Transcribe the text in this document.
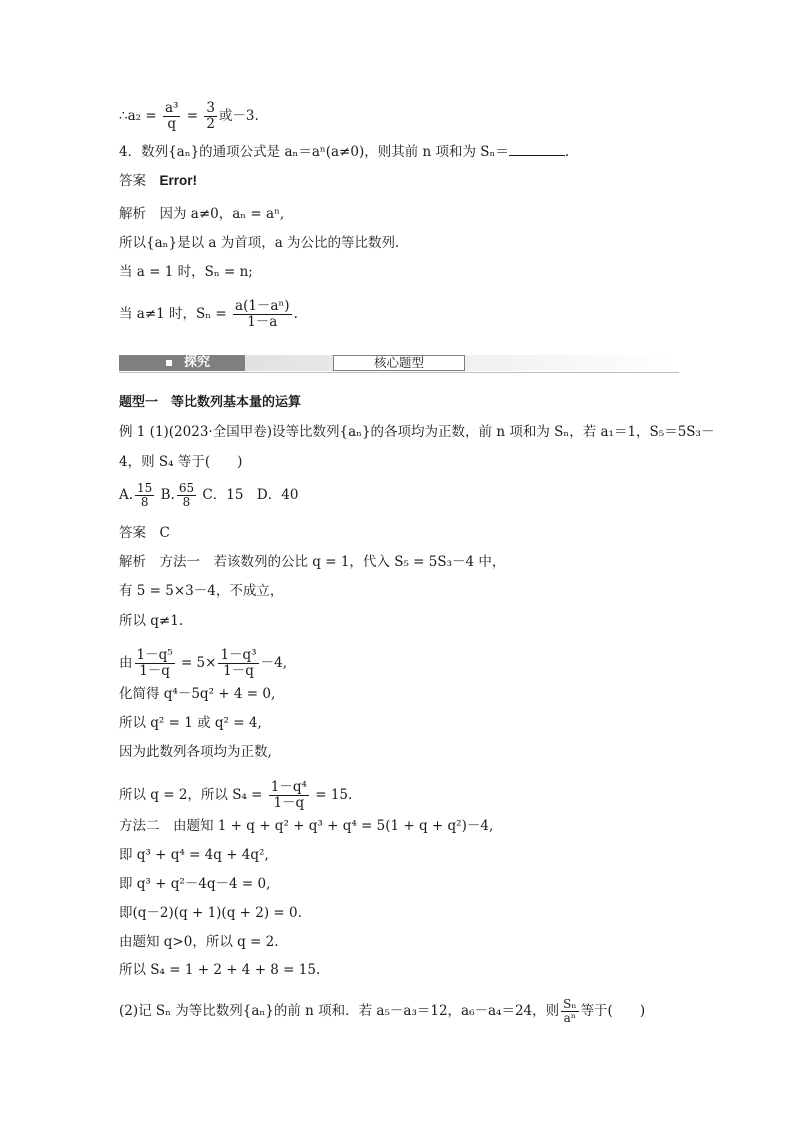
∴a₂ = $\frac{\text{a³}}{q} = \frac{3}{2}$ 或－3.
4．数列{aₙ}的通项公式是 aₙ＝aⁿ(a≠0)，则其前 n 项和为 Sₙ＝	.
答案　 Error!
解析　因为 a≠0，aₙ = aⁿ,
所以{aₙ}是以 a 为首项，a 为公比的等比数列．
当 a = 1 时，Sₙ = n;
当 a≠1 时，$S_n = \frac{\text{a(1－aⁿ)}}{1-a}$ .
探究	核心题型
题型一　等比数列基本量的运算
例 1 (1)(2023·全国甲卷)设等比数列{aₙ}的各项均为正数，前 n 项和为 Sₙ，若 a₁＝1，S₅＝5S₃－
4，则 S₄ 等于(　　)
A. $\frac{15}{8} B$. $\frac{65}{8}$ C．15　D．40
答案　C
解析　方法一　若该数列的公比 q = 1，代入 S₅ = 5S₃－4 中，
有 5 = 5×3－4，不成立，
所以 q≠1.
由 $\frac{\text{1－q⁵}}{1-q} = 5\times \frac{\text{1－q³}}{1-q} -4$,
化简得 q⁴－5q² + 4 = 0,
所以 q² = 1 或 q² = 4,
因为此数列各项均为正数,
所以 q = 2，所以 $S_4 = \frac{\text{1－q⁴}}{1-q} = 15$.
方法二　由题知 1 + q + q² + q³ + q⁴ = 5(1 + q + q²)－4,
即 q³ + q⁴ = 4q + 4q²,
即 q³ + q²－4q－4 = 0,
即(q－2)(q + 1)(q + 2) = 0.
由题知 q>0，所以 q = 2.
所以 S₄ = 1 + 2 + 4 + 8 = 15.
(2)记 Sₙ 为等比数列{aₙ}的前 n 项和．若 a₅－a₃＝12，a₆－a₄＝24，则 $\frac{\text{Sₙ}}{\text{aⁿ}}$ 等于(　　)
